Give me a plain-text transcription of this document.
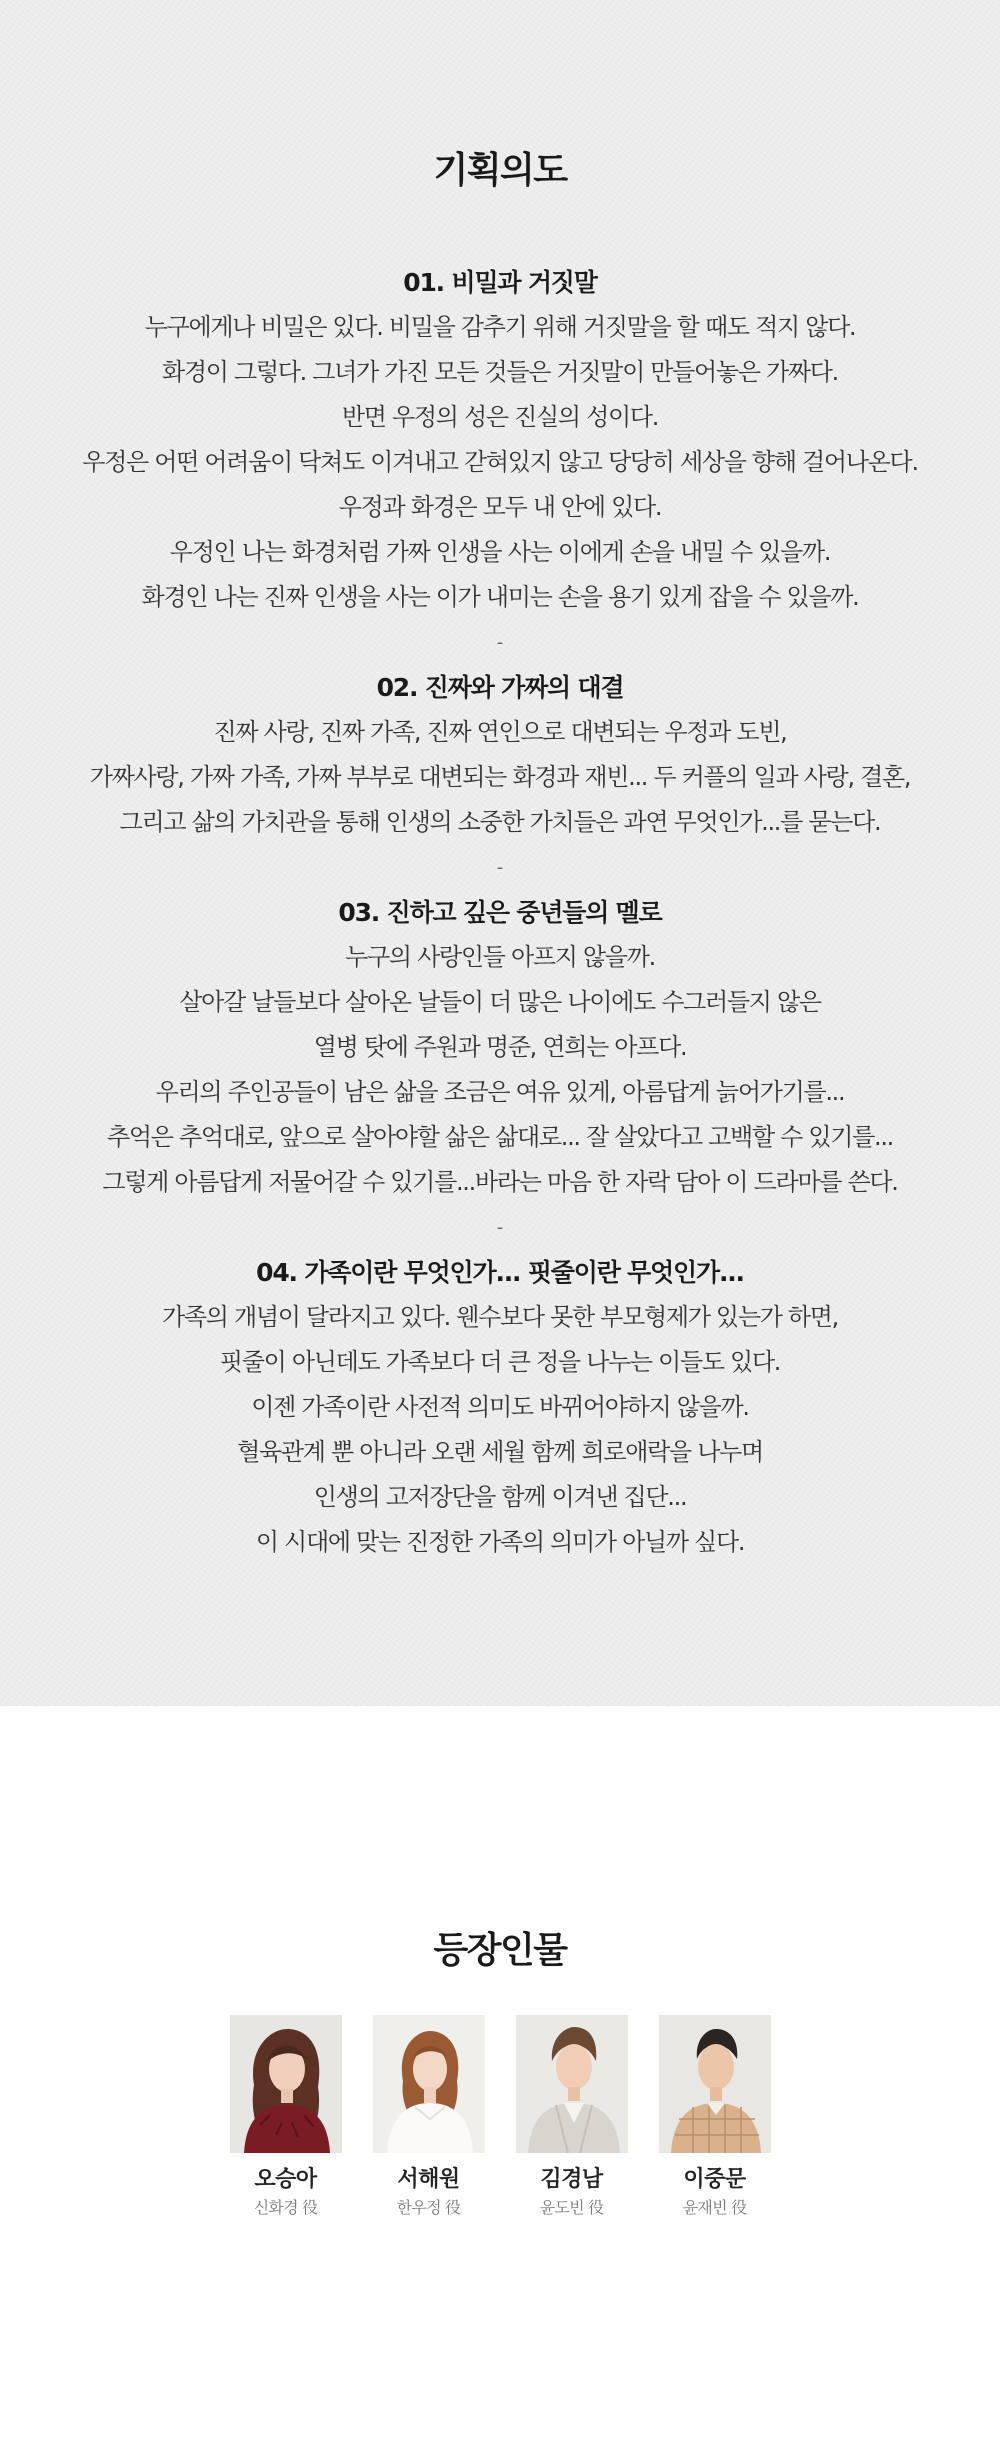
기획의도

01. 비밀과 거짓말

누구에게나 비밀은 있다. 비밀을 감추기 위해 거짓말을 할 때도 적지 않다.

화경이 그렇다. 그녀가 가진 모든 것들은 거짓말이 만들어놓은 가짜다.

반면 우정의 성은 진실의 성이다.

우정은 어떤 어려움이 닥쳐도 이겨내고 갇혀있지 않고 당당히 세상을 향해 걸어나온다.

우정과 화경은 모두 내 안에 있다.

우정인 나는 화경처럼 가짜 인생을 사는 이에게 손을 내밀 수 있을까.

화경인 나는 진짜 인생을 사는 이가 내미는 손을 용기 있게 잡을 수 있을까.

-

02. 진짜와 가짜의 대결

진짜 사랑, 진짜 가족, 진짜 연인으로 대변되는 우정과 도빈,

가짜사랑, 가짜 가족, 가짜 부부로 대변되는 화경과 재빈... 두 커플의 일과 사랑, 결혼,

그리고 삶의 가치관을 통해 인생의 소중한 가치들은 과연 무엇인가...를 묻는다.

-

03. 진하고 깊은 중년들의 멜로

누구의 사랑인들 아프지 않을까.

살아갈 날들보다 살아온 날들이 더 많은 나이에도 수그러들지 않은

열병 탓에 주원과 명준, 연희는 아프다.

우리의 주인공들이 남은 삶을 조금은 여유 있게, 아름답게 늙어가기를...

추억은 추억대로, 앞으로 살아야할 삶은 삶대로... 잘 살았다고 고백할 수 있기를...

그렇게 아름답게 저물어갈 수 있기를...바라는 마음 한 자락 담아 이 드라마를 쓴다.

-

04. 가족이란 무엇인가... 핏줄이란 무엇인가...

가족의 개념이 달라지고 있다. 웬수보다 못한 부모형제가 있는가 하면,

핏줄이 아닌데도 가족보다 더 큰 정을 나누는 이들도 있다.

이젠 가족이란 사전적 의미도 바뀌어야하지 않을까.

혈육관계 뿐 아니라 오랜 세월 함께 희로애락을 나누며

인생의 고저장단을 함께 이겨낸 집단...

이 시대에 맞는 진정한 가족의 의미가 아닐까 싶다.

등장인물
오승아
신화경 役
서해원
한우정 役
김경남
윤도빈 役
이중문
윤재빈 役
